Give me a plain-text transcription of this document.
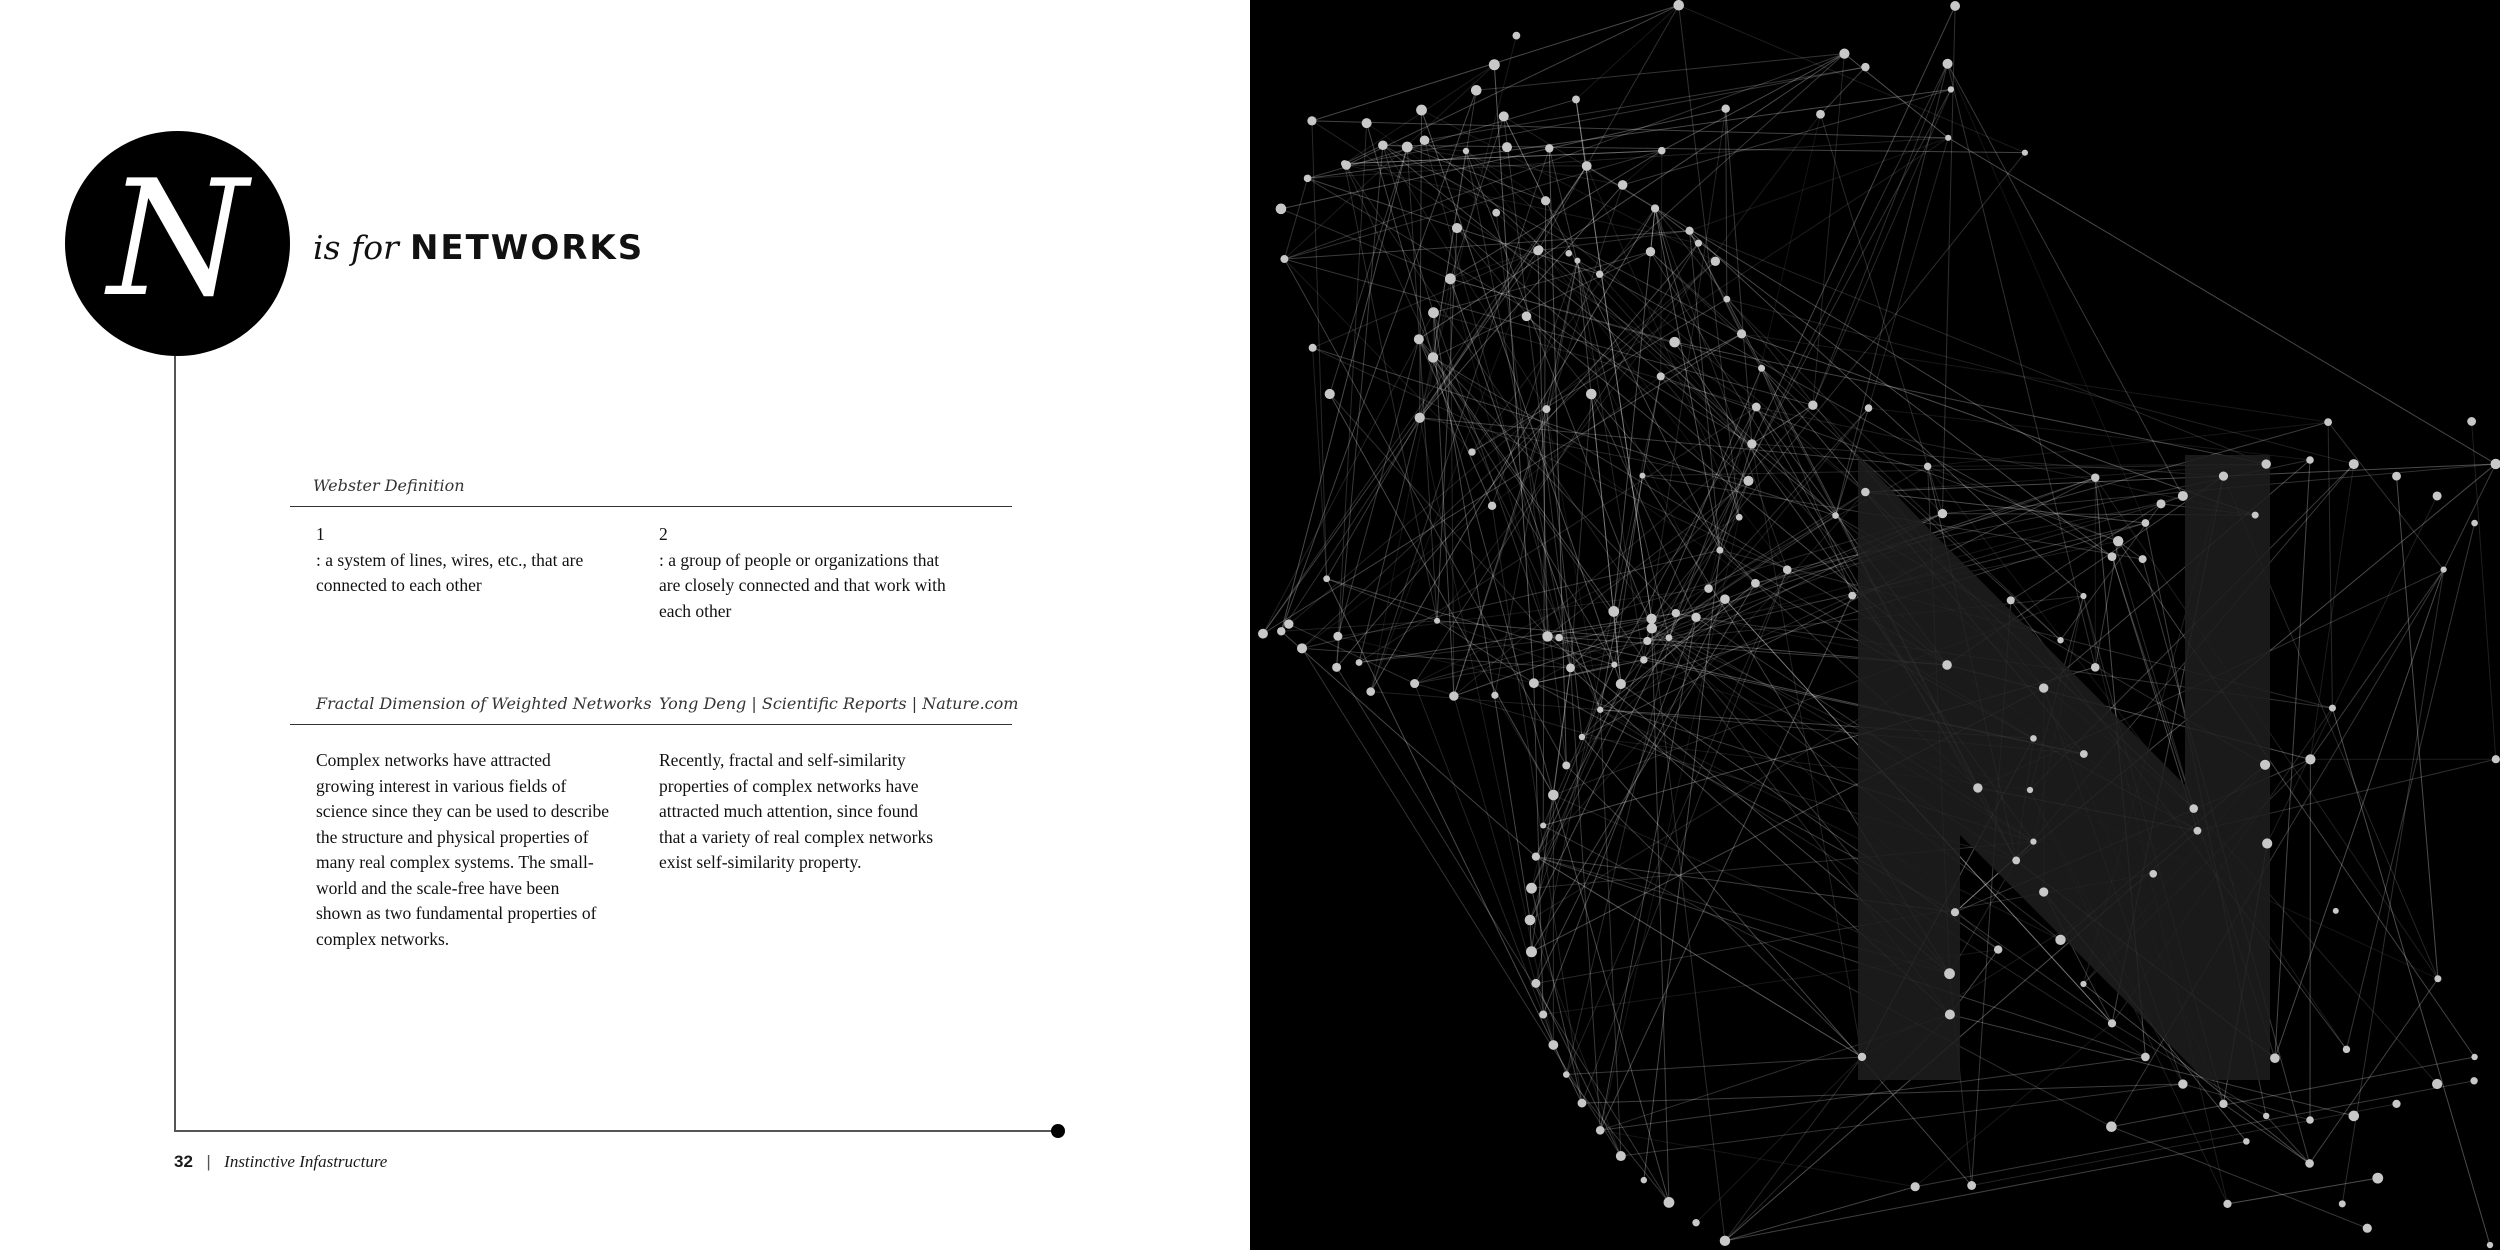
N	is for NETWORKS
Webster Definition
1
: a system of lines, wires, etc., that are
connected to each other
2
: a group of people or organizations that
are closely connected and that work with
each other
Fractal Dimension of Weighted Networks Yong Deng | Scientific Reports | Nature.com
Complex networks have attracted
growing interest in various fields of
science since they can be used to describe
the structure and physical properties of
many real complex systems. The small-
world and the scale-free have been
shown as two fundamental properties of
complex networks.
Recently, fractal and self-similarity
properties of complex networks have
attracted much attention, since found
that a variety of real complex networks
exist self-similarity property.
32 | Instinctive Infastructure
